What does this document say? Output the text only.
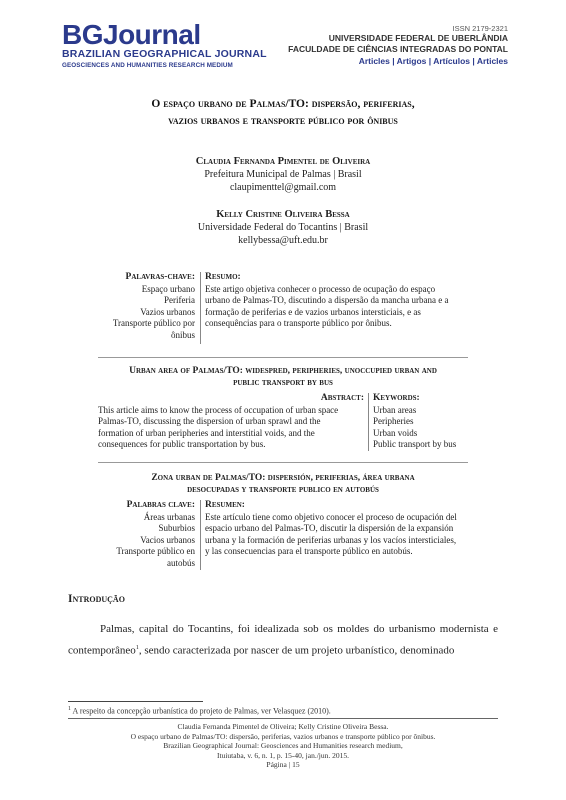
BGJournal
BRAZILIAN GEOGRAPHICAL JOURNAL
GEOSCIENCES AND HUMANITIES RESEARCH MEDIUM
ISSN 2179-2321
UNIVERSIDADE FEDERAL DE UBERLÂNDIA
FACULDADE DE CIÊNCIAS INTEGRADAS DO PONTAL
Articles | Artigos | Artículos | Articles
O espaço urbano de Palmas/TO: dispersão, periferias,
vazios urbanos e transporte público por ônibus
Claudia Fernanda Pimentel de Oliveira
Prefeitura Municipal de Palmas | Brasil
claupimenttel@gmail.com
Kelly Cristine Oliveira Bessa
Universidade Federal do Tocantins | Brasil
kellybessa@uft.edu.br
Palavras-chave:
Espaço urbano
Periferia
Vazios urbanos
Transporte público por
ônibus
Resumo:
Este artigo objetiva conhecer o processo de ocupação do espaço
urbano de Palmas-TO, discutindo a dispersão da mancha urbana e a
formação de periferias e de vazios urbanos intersticiais, e as
consequências para o transporte público por ônibus.
Urban area of Palmas/TO: widespred, peripheries, unoccupied urban and
public transport by bus
Abstract:
This article aims to know the process of occupation of urban space
Palmas-TO, discussing the dispersion of urban sprawl and the
formation of urban peripheries and interstitial voids, and the
consequences for public transportation by bus.
Keywords:
Urban areas
Peripheries
Urban voids
Public transport by bus
Zona urban de Palmas/TO: dispersión, periferias, área urbana
desocupadas y transporte publico en autobús
Palabras clave:
Áreas urbanas
Suburbios
Vacios urbanos
Transporte público en
autobús
Resumen:
Este artículo tiene como objetivo conocer el proceso de ocupación del
espacio urbano del Palmas-TO, discutir la dispersión de la expansión
urbana y la formación de periferias urbanas y los vacíos intersticiales,
y las consecuencias para el transporte público en autobús.
Introdução
Palmas, capital do Tocantins, foi idealizada sob os moldes do urbanismo modernista e contemporâneo$^1$, sendo caracterizada por nascer de um projeto urbanístico, denominado
$^1$ A respeito da concepção urbanística do projeto de Palmas, ver Velasquez (2010).
Claudia Fernanda Pimentel de Oliveira; Kelly Cristine Oliveira Bessa.
O espaço urbano de Palmas/TO: dispersão, periferias, vazios urbanos e transporte público por ônibus.
Brazilian Geographical Journal: Geosciences and Humanities research medium,
Ituiutaba, v. 6, n. 1, p. 15-40, jan./jun. 2015.
Página | 15
